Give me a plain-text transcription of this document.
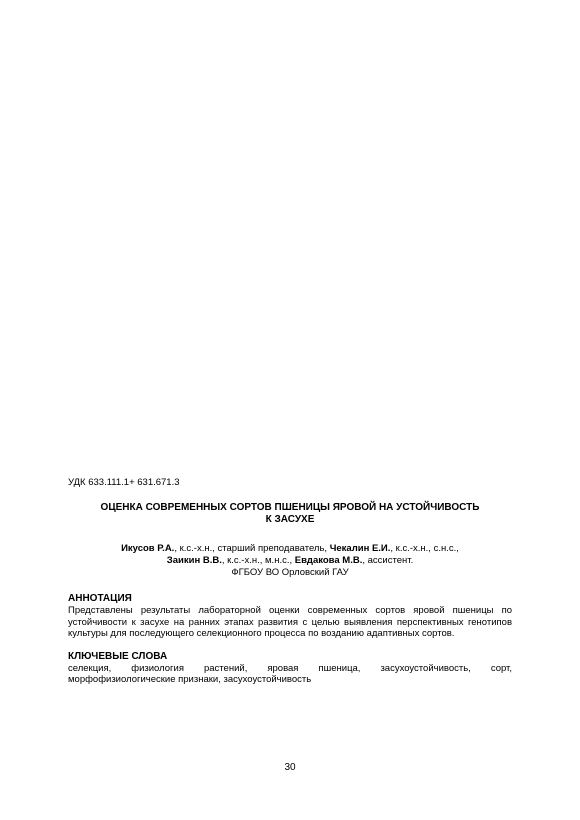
УДК 633.111.1+ 631.671.3
ОЦЕНКА СОВРЕМЕННЫХ СОРТОВ ПШЕНИЦЫ ЯРОВОЙ НА УСТОЙЧИВОСТЬ
К ЗАСУХЕ
Икусов Р.А., к.с.-х.н., старший преподаватель, Чекалин Е.И., к.с.-х.н., с.н.с.,
Заикин В.В., к.с.-х.н., м.н.с., Евдакова М.В., ассистент.
ФГБОУ ВО Орловский ГАУ
АННОТАЦИЯ
Представлены результаты лабораторной оценки современных сортов яровой пшеницы по устойчивости к засухе на ранних этапах развития с целью выявления перспективных генотипов культуры для последующего селекционного процесса по возданию адаптивных сортов.
КЛЮЧЕВЫЕ СЛОВА
селекция, физиология растений, яровая пшеница, засухоустойчивость, сорт, морфофизиологические признаки, засухоустойчивость
30
